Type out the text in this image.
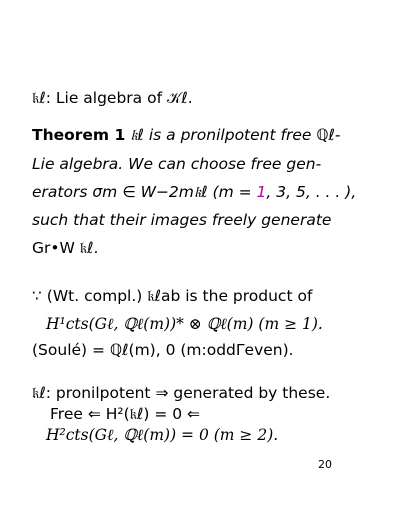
𝔨ℓ: Lie algebra of 𝒦ℓ.
Theorem 1 𝔨ℓ is a pronilpotent free ℚℓ-
Lie algebra. We can choose free gen-
erators σm ∈ W−2m𝔨ℓ (m = 1, 3, 5, . . . ),
such that their images freely generate
Gr•W 𝔨ℓ.
∵ (Wt. compl.) 𝔨ℓab is the product of
H¹cts(Gℓ, ℚℓ(m))* ⊗ ℚℓ(m) (m ≥ 1).
(Soulé) = ℚℓ(m), 0 (m:oddΓeven).
𝔨ℓ: pronilpotent ⇒ generated by these.
Free ⇐ H²(𝔨ℓ) = 0 ⇐
H²cts(Gℓ, ℚℓ(m)) = 0 (m ≥ 2).
20
